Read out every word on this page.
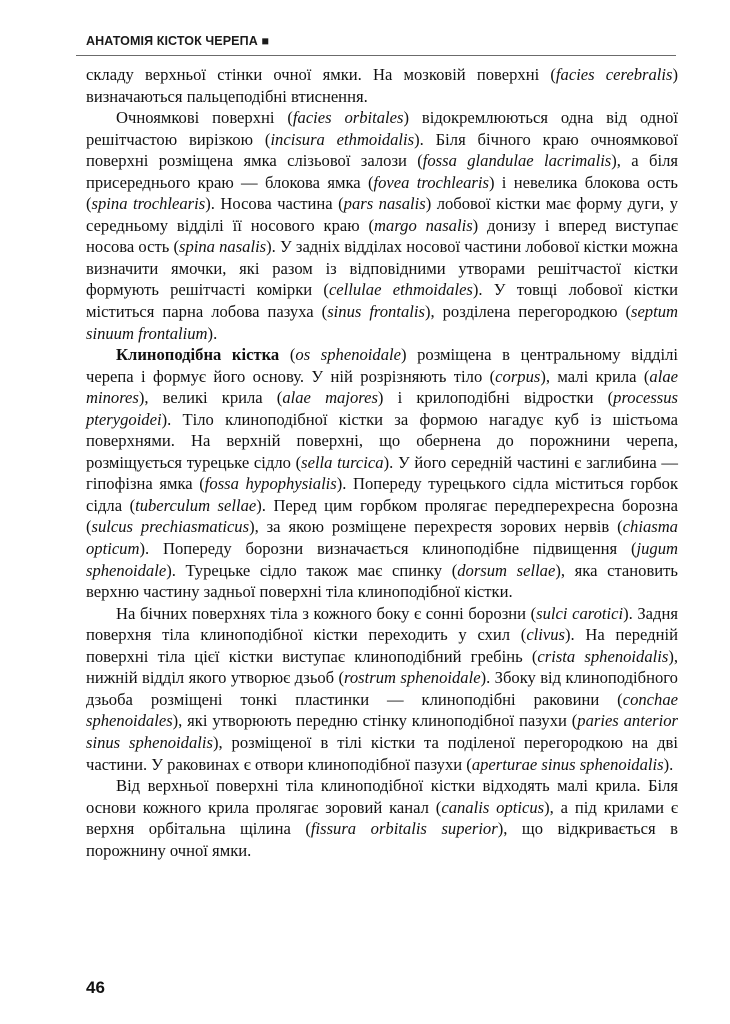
АНАТОМІЯ КІСТОК ЧЕРЕПА ■

складу верхньої стінки очної ямки. На мозковій поверхні (facies cerebralis) визначаються пальцеподібні втиснення.

Очноямкові поверхні (facies orbitales) відокремлюються одна від одної решітчастою вирізкою (incisura ethmoidalis). Біля бічного краю очноямкової поверхні розміщена ямка слізьової залози (fossa glandulae lacrimalis), а біля присереднього краю — блокова ямка (fovea trochlearis) і невелика блокова ость (spina trochlearis). Носова частина (pars nasalis) лобової кістки має форму дуги, у середньому відділі її носового краю (margo nasalis) донизу і вперед виступає носова ость (spina nasalis). У задніх відділах носової частини лобової кістки можна визначити ямочки, які разом із відповідними утворами решітчастої кістки формують решітчасті комірки (cellulae ethmoidales). У товщі лобової кістки міститься парна лобова пазуха (sinus frontalis), розділена перегородкою (septum sinuum frontalium).

Клиноподібна кістка (os sphenoidale) розміщена в центральному відділі черепа і формує його основу. У ній розрізняють тіло (corpus), малі крила (alae minores), великі крила (alae majores) і крилоподібні відростки (processus pterygoidei). Тіло клиноподібної кістки за формою нагадує куб із шістьома поверхнями. На верхній поверхні, що обернена до порожнини черепа, розміщується турецьке сідло (sella turcica). У його середній частині є заглибина — гіпофізна ямка (fossa hypophysialis). Попереду турецького сідла міститься горбок сідла (tuberculum sellae). Перед цим горбком пролягає передперехресна борозна (sulcus prechiasmaticus), за якою розміщене перехрестя зорових нервів (chiasma opticum). Попереду борозни визначається клиноподібне підвищення (jugum sphenoidale). Турецьке сідло також має спинку (dorsum sellae), яка становить верхню частину задньої поверхні тіла клиноподібної кістки.

На бічних поверхнях тіла з кожного боку є сонні борозни (sulci carotici). Задня поверхня тіла клиноподібної кістки переходить у схил (clivus). На передній поверхні тіла цієї кістки виступає клиноподібний гребінь (crista sphenoidalis), нижній відділ якого утворює дзьоб (rostrum sphenoidale). Збоку від клиноподібного дзьоба розміщені тонкі пластинки — клиноподібні раковини (conchae sphenoidales), які утворюють передню стінку клиноподібної пазухи (paries anterior sinus sphenoidalis), розміщеної в тілі кістки та поділеної перегородкою на дві частини. У раковинах є отвори клиноподібної пазухи (aperturae sinus sphenoidalis).

Від верхньої поверхні тіла клиноподібної кістки відходять малі крила. Біля основи кожного крила пролягає зоровий канал (canalis opticus), а під крилами є верхня орбітальна щілина (fissura orbitalis superior), що відкривається в порожнину очної ямки.

46
